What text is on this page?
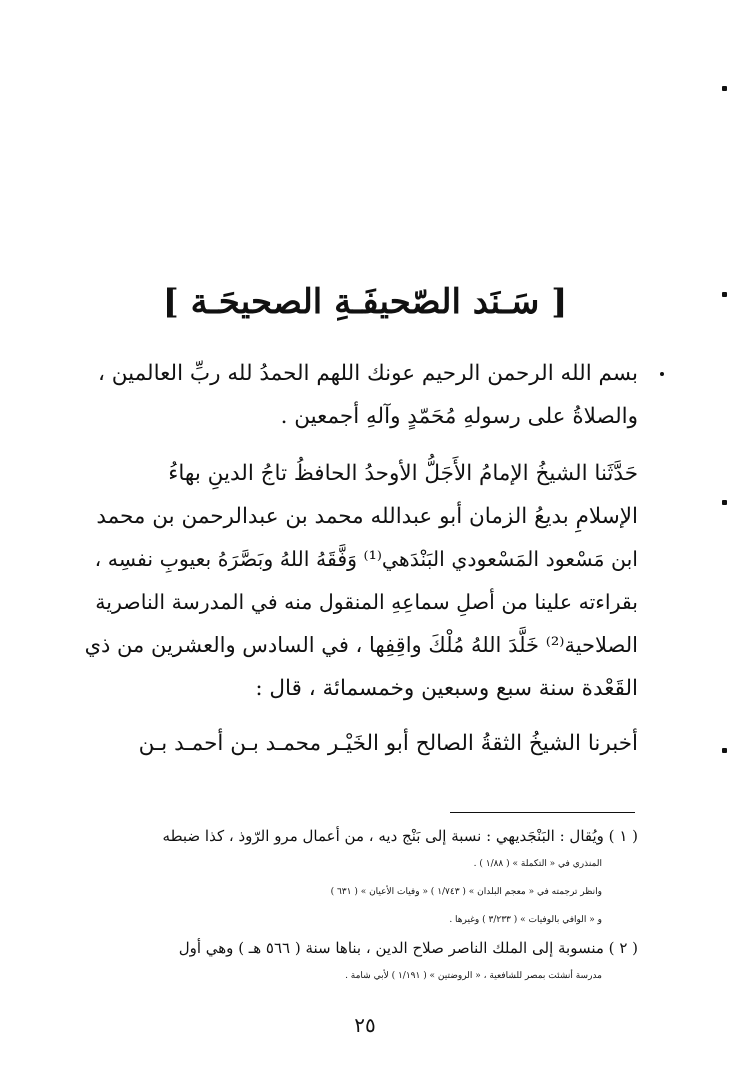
[ سَـنَد الصّحيفَـةِ الصحيحَـة ]
بسم الله الرحمن الرحيم عونك اللهم الحمدُ لله ربِّ العالمين ،
والصلاةُ على رسولهِ مُحَمّدٍ وآلهِ أجمعين .
حَدَّثَنا الشيخُ الإمامُ الأَجَلُّ الأوحدُ الحافظُ تاجُ الدينِ بهاءُ
الإسلامِ بديعُ الزمان أبو عبدالله محمد بن عبدالرحمن بن محمد
ابن مَسْعود المَسْعودي البَنْدَهي⁽¹⁾ وَفَّقَهُ اللهُ وبَصَّرَهُ بعيوبِ نفسِه ،
بقراءته علينا من أصلِ سماعِهِ المنقول منه في المدرسة الناصرية
الصلاحية⁽²⁾ خَلَّدَ اللهُ مُلْكَ واقِفِها ، في السادس والعشرين من ذي
القَعْدة سنة سبع وسبعين وخمسمائة ، قال :
أخبرنا الشيخُ الثقةُ الصالح أبو الخَيْـر محمـد بـن أحمـد بـن
( ١ ) ويُقال : البَنْجَديهي : نسبة إلى بَنْج ديه ، من أعمال مرو الرّوذ ، كذا ضبطه
المنذري في « التكملة » ( ١/٨٨ ) .
وانظر ترجمته في « معجم البلدان » ( ١/٧٤٣ ) « وفيات الأعيان » ( ٦٣١ )
و « الوافي بالوفيات » ( ٣/٢٣٣ ) وغيرها .
( ٢ ) منسوبة إلى الملك الناصر صلاح الدين ، بناها سنة ( ٥٦٦ هـ ) وهي أول
مدرسة أنشئت بمصر للشافعية ، « الروضتين » ( ١/١٩١ ) لأبي شامة .
٢٥
